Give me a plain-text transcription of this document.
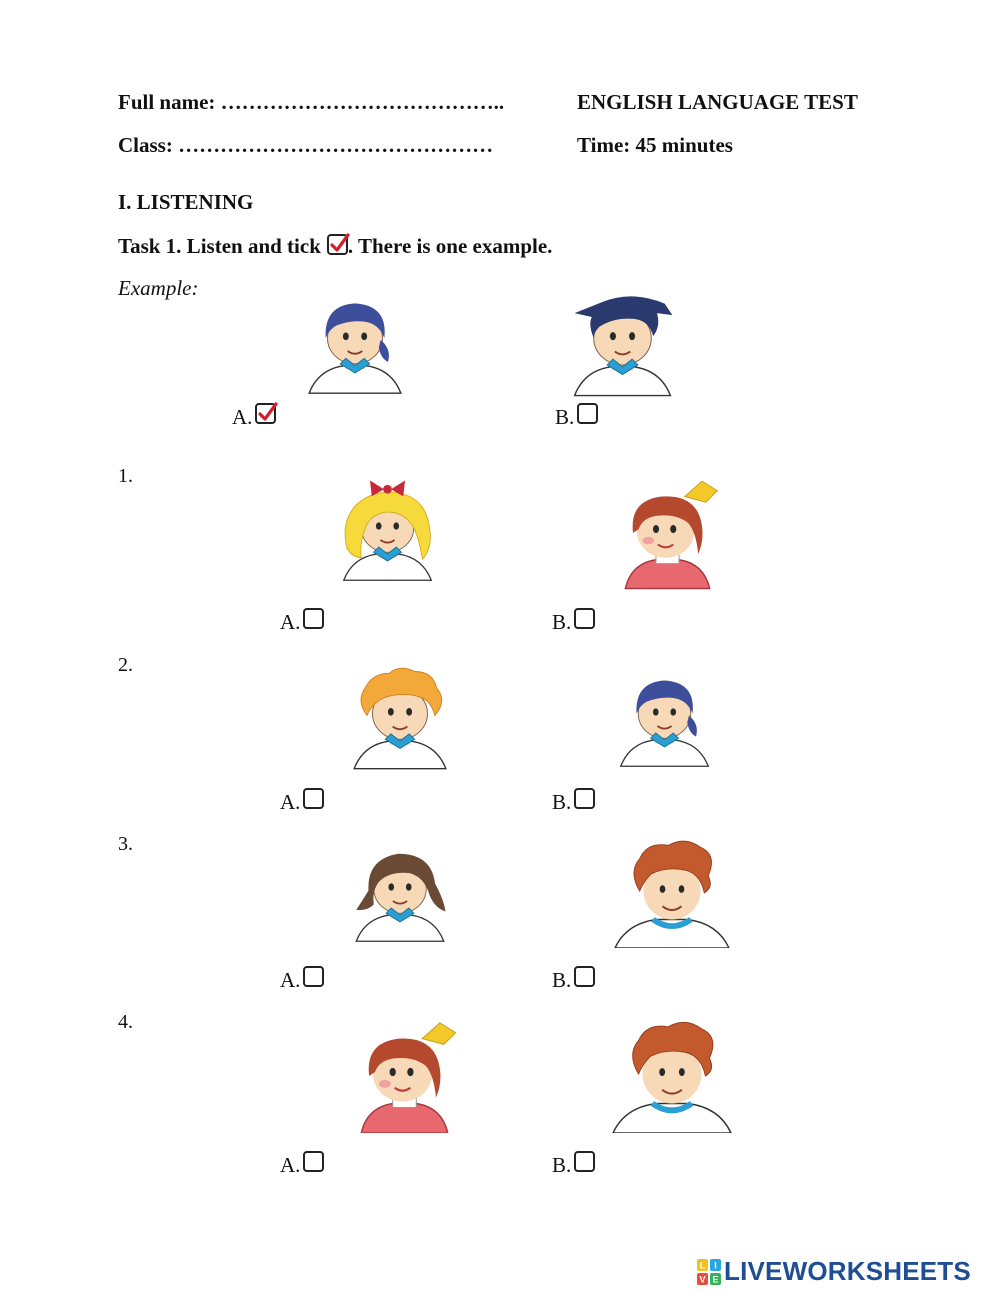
Full name: …………………………………..	ENGLISH LANGUAGE TEST
Class: ………………………………………	Time: 45 minutes
I. LISTENING
Task 1. Listen and tick . There is one example.
Example:
A.	B.
1.
A.	B.
2.
A.	B.
3.
A.	B.
4.
A.	B.
L I
V E LIVEWORKSHEETS
